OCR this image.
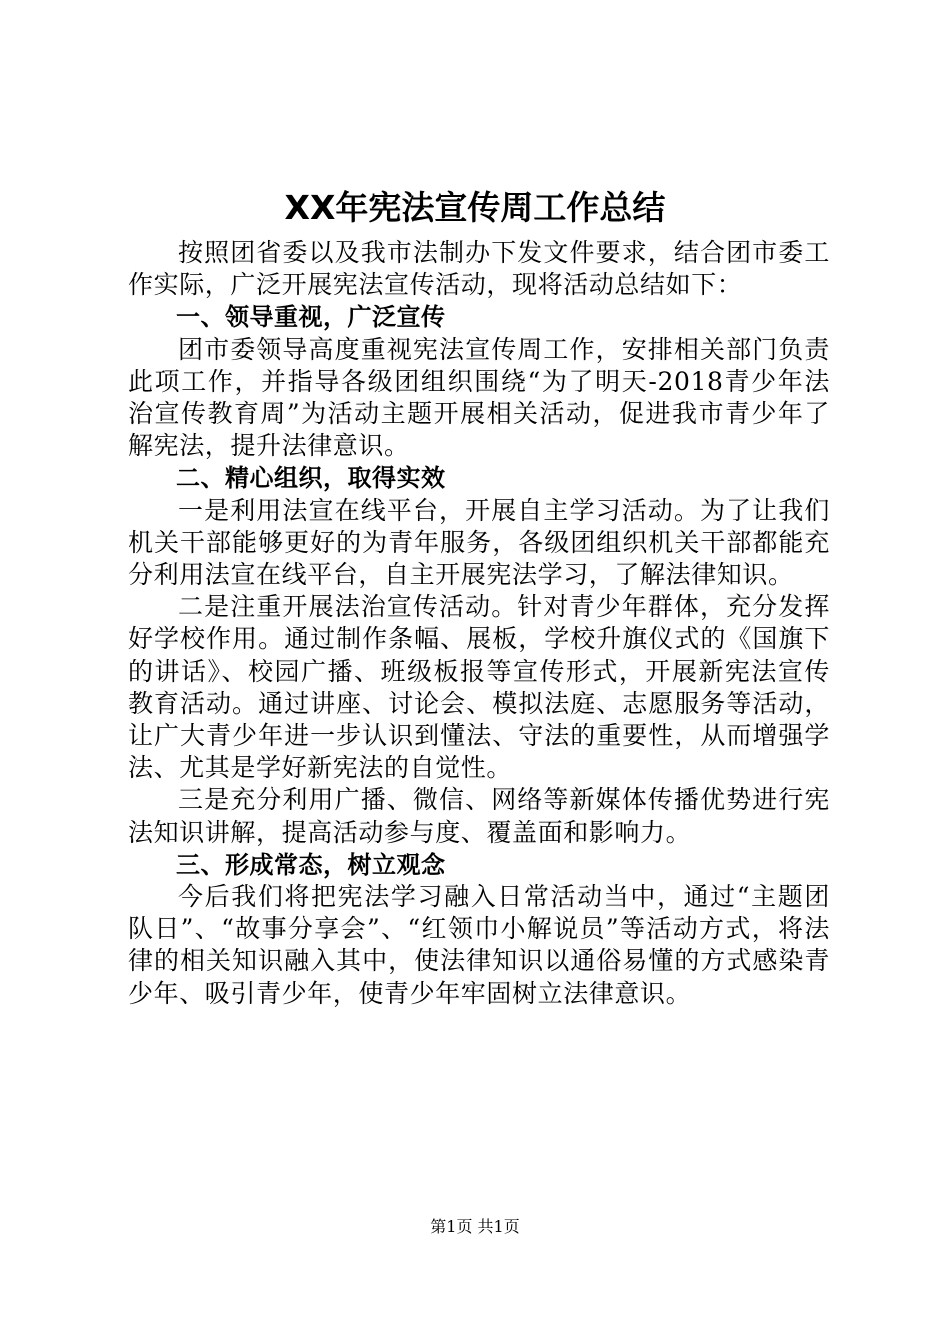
XX年宪法宣传周工作总结

按照团省委以及我市法制办下发文件要求，结合团市委工作实际，广泛开展宪法宣传活动，现将活动总结如下：

一、领导重视，广泛宣传

团市委领导高度重视宪法宣传周工作，安排相关部门负责此项工作，并指导各级团组织围绕“为了明天-2018青少年法治宣传教育周”为活动主题开展相关活动，促进我市青少年了解宪法，提升法律意识。

二、精心组织，取得实效

一是利用法宣在线平台，开展自主学习活动。为了让我们机关干部能够更好的为青年服务，各级团组织机关干部都能充分利用法宣在线平台，自主开展宪法学习，了解法律知识。

二是注重开展法治宣传活动。针对青少年群体，充分发挥好学校作用。通过制作条幅、展板，学校升旗仪式的《国旗下的讲话》、校园广播、班级板报等宣传形式，开展新宪法宣传教育活动。通过讲座、讨论会、模拟法庭、志愿服务等活动，让广大青少年进一步认识到懂法、守法的重要性，从而增强学法、尤其是学好新宪法的自觉性。

三是充分利用广播、微信、网络等新媒体传播优势进行宪法知识讲解，提高活动参与度、覆盖面和影响力。

三、形成常态，树立观念

今后我们将把宪法学习融入日常活动当中，通过“主题团队日”、“故事分享会”、“红领巾小解说员”等活动方式，将法律的相关知识融入其中，使法律知识以通俗易懂的方式感染青少年、吸引青少年，使青少年牢固树立法律意识。

第1页 共1页
